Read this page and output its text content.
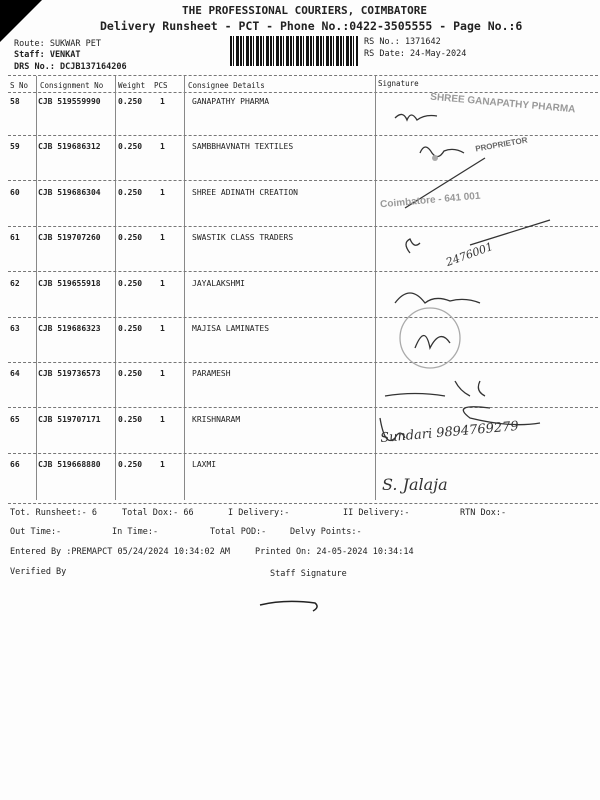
THE PROFESSIONAL COURIERS, COIMBATORE
Delivery Runsheet - PCT - Phone No.:0422-3505555 - Page No.:6
Route: SUKWAR PET
Staff: VENKAT
DRS No.: DCJB137164206
RS No.: 1371642
RS Date: 24-May-2024
S No Consignment No Weight PCS	Consignee Details	Signature
58 CJB 519559990 0.250 1	GANAPATHY PHARMA
59 CJB 519686312 0.250 1	SAMBBHAVNATH TEXTILES
60 CJB 519686304 0.250 1	SHREE ADINATH CREATION
61 CJB 519707260 0.250 1	SWASTIK CLASS TRADERS
62 CJB 519655918 0.250 1	JAYALAKSHMI
63 CJB 519686323 0.250 1	MAJISA LAMINATES
64 CJB 519736573 0.250 1	PARAMESH
65 CJB 519707171 0.250 1	KRISHNARAM
66 CJB 519668880 0.250 1	LAXMI
SHREE GANAPATHY PHARMA
Coimbatore - 641 001
PROPRIETOR
2476001
Sundari 9894769279
S. Jalaja
Tot. Runsheet:- 6	Total Dox:- 66	I Delivery:-	II Delivery:-	RTN Dox:-
Out Time:-	In Time:-	Total POD:-	Delvy Points:-
Entered By :PREMAPCT 05/24/2024 10:34:02 AM	Printed On: 24-05-2024 10:34:14
Verified By	Staff Signature
